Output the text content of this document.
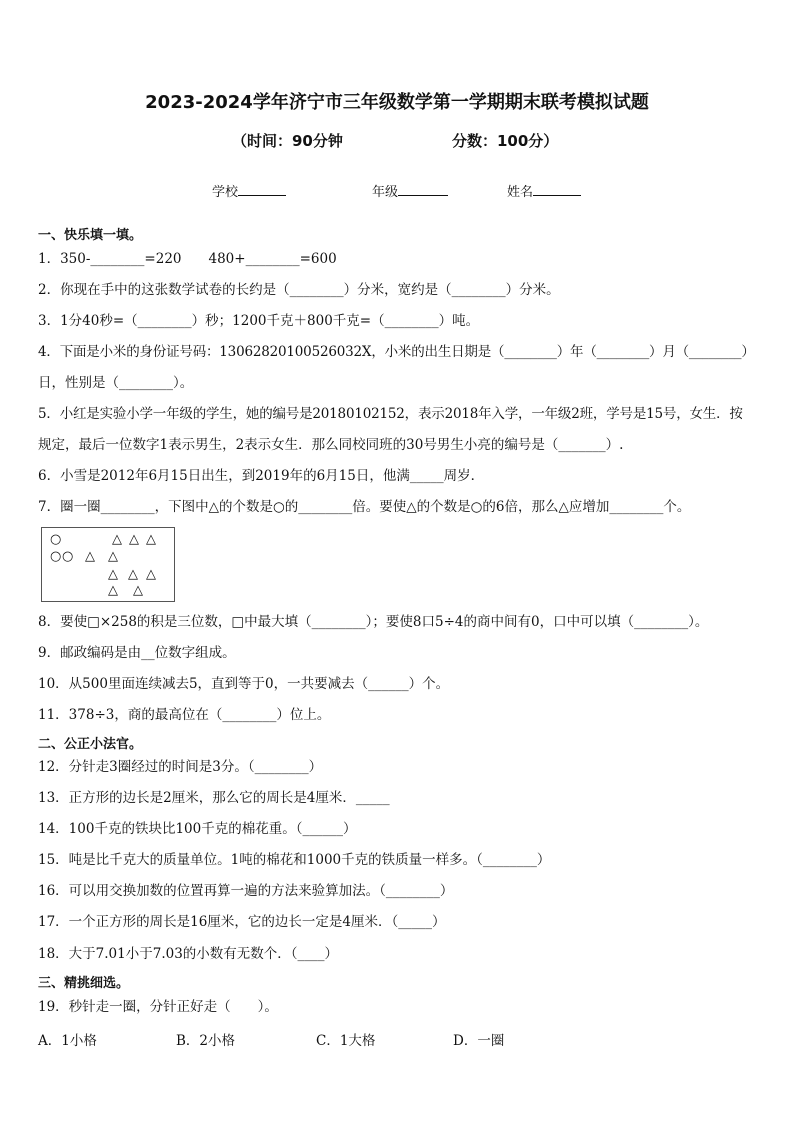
2023-2024学年济宁市三年级数学第一学期期末联考模拟试题
（时间：90分钟	分数：100分）
学校	年级	姓名
一、快乐填一填。
1．350-________=220　　480+________=600
2．你现在手中的这张数学试卷的长约是（________）分米，宽约是（________）分米。
3．1分40秒=（________）秒；1200千克＋800千克=（________）吨。
4．下面是小米的身份证号码：13062820100526032X，小米的出生日期是（________）年（________）月（________）
日，性别是（________）。
5．小红是实验小学一年级的学生，她的编号是20180102152，表示2018年入学，一年级2班，学号是15号，女生．按
规定，最后一位数字1表示男生，2表示女生．那么同校同班的30号男生小亮的编号是（_______）.
6．小雪是2012年6月15日出生，到2019年的6月15日，他满_____周岁．
7．圈一圈________，下图中△的个数是○的________倍。要使△的个数是○的6倍，那么△应增加________个。
○	△ △ △
○ ○ △ △
△ △ △
△ △
8．要使□×258的积是三位数，□中最大填（________）；要使8口5÷4的商中间有0，口中可以填（________）。
9．邮政编码是由__位数字组成。
10．从500里面连续减去5，直到等于0，一共要减去（______）个。
11．378÷3，商的最高位在（________）位上。
二、公正小法官。
12．分针走3圈经过的时间是3分。（________）
13．正方形的边长是2厘米，那么它的周长是4厘米．_____
14．100千克的铁块比100千克的棉花重。（______）
15．吨是比千克大的质量单位。1吨的棉花和1000千克的铁质量一样多。（________）
16．可以用交换加数的位置再算一遍的方法来验算加法。（________）
17．一个正方形的周长是16厘米，它的边长一定是4厘米．（_____）
18．大于7.01小于7.03的小数有无数个．（____）
三、精挑细选。
19．秒针走一圈，分针正好走（　　）。
A．1小格	B．2小格	C．1大格	D．一圈
